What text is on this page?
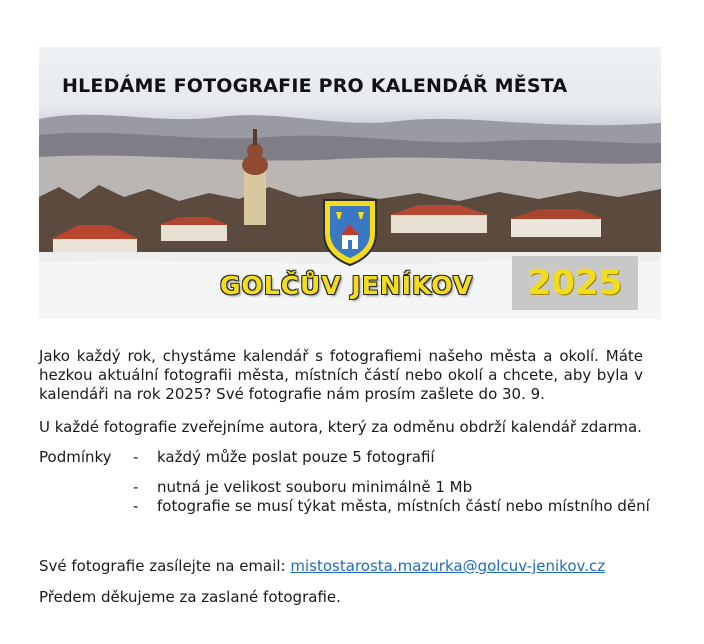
HLEDÁME FOTOGRAFIE PRO KALENDÁŘ MĚSTA
GOLČŮV JENÍKOV 2025

Jako každý rok, chystáme kalendář s fotografiemi našeho města a okolí. Máte hezkou aktuální fotografii města, místních částí nebo okolí a chcete, aby byla v kalendáři na rok 2025? Své fotografie nám prosím zašlete do 30. 9.

U každé fotografie zveřejníme autora, který za odměnu obdrží kalendář zdarma.

Podmínky - každý může poslat pouze 5 fotografií
- nutná je velikost souboru minimálně 1 Mb
- fotografie se musí týkat města, místních částí nebo místního dění

Své fotografie zasílejte na email: mistostarosta.mazurka@golcuv-jenikov.cz

Předem děkujeme za zaslané fotografie.
